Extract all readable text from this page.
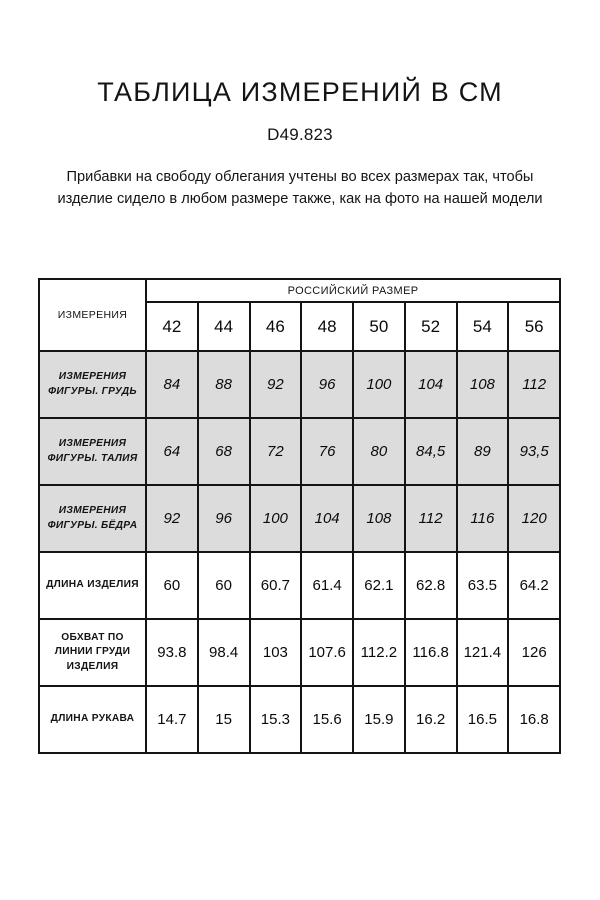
ТАБЛИЦА ИЗМЕРЕНИЙ В СМ
D49.823

Прибавки на свободу облегания учтены во всех размерах так, чтобы изделие сидело в любом размере также, как на фото на нашей модели

ИЗМЕРЕНИЯ	РОССИЙСКИЙ РАЗМЕР							
	42	44	46	48	50	52	54	56
ИЗМЕРЕНИЯ ФИГУРЫ. ГРУДЬ	84	88	92	96	100	104	108	112
ИЗМЕРЕНИЯ ФИГУРЫ. ТАЛИЯ	64	68	72	76	80	84,5	89	93,5
ИЗМЕРЕНИЯ ФИГУРЫ. БЁДРА	92	96	100	104	108	112	116	120
ДЛИНА ИЗДЕЛИЯ	60	60	60.7	61.4	62.1	62.8	63.5	64.2
ОБХВАТ ПО ЛИНИИ ГРУДИ ИЗДЕЛИЯ	93.8	98.4	103	107.6	112.2	116.8	121.4	126
ДЛИНА РУКАВА	14.7	15	15.3	15.6	15.9	16.2	16.5	16.8
